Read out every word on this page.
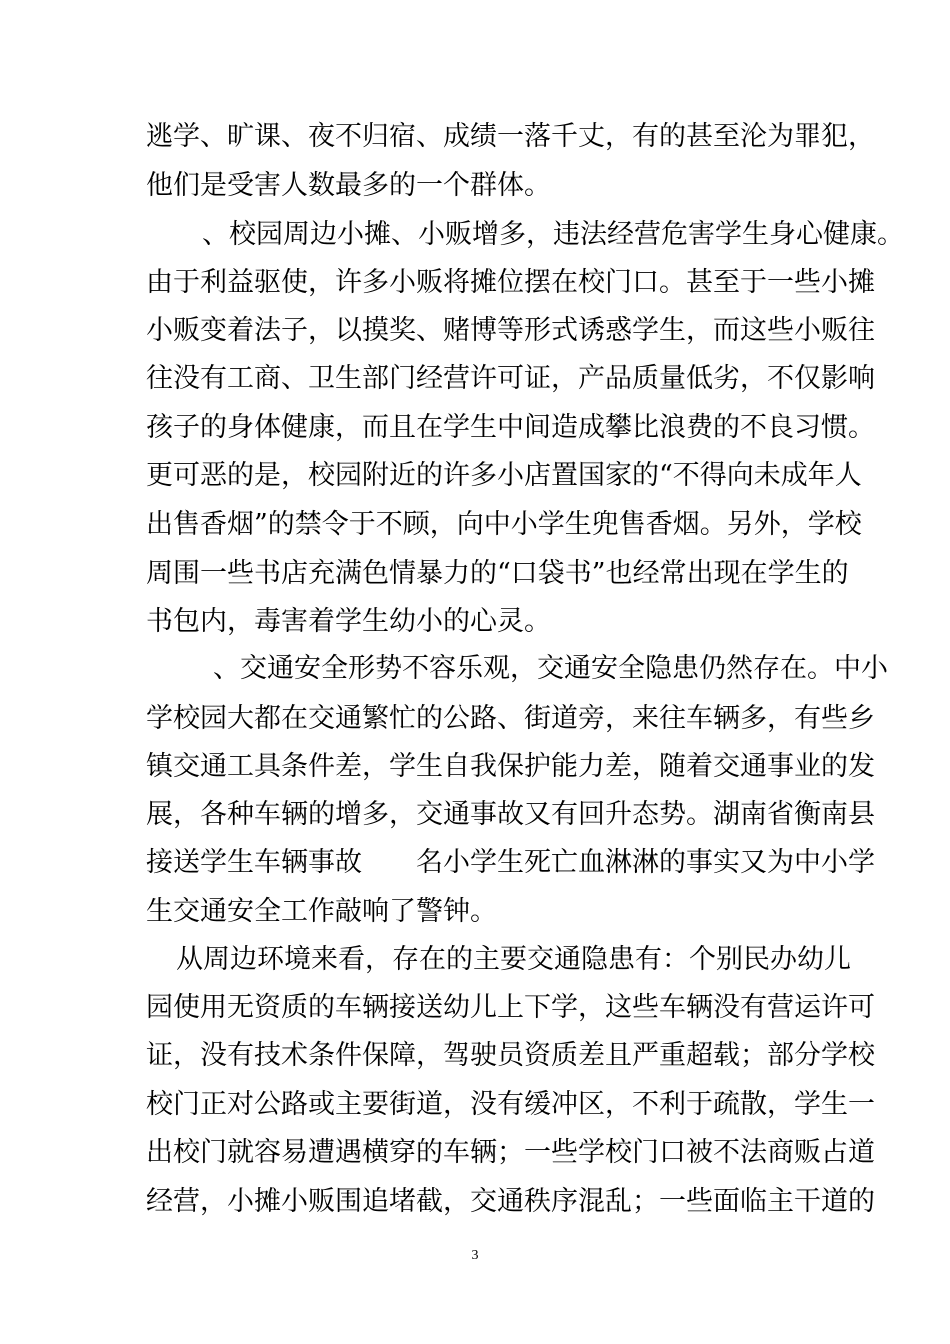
逃学、旷课、夜不归宿、成绩一落千丈，有的甚至沦为罪犯，
他们是受害人数最多的一个群体。
、校园周边小摊、小贩增多，违法经营危害学生身心健康。
由于利益驱使，许多小贩将摊位摆在校门口。甚至于一些小摊
小贩变着法子，以摸奖、赌博等形式诱惑学生，而这些小贩往
往没有工商、卫生部门经营许可证，产品质量低劣，不仅影响
孩子的身体健康，而且在学生中间造成攀比浪费的不良习惯。
更可恶的是，校园附近的许多小店置国家的“不得向未成年人
出售香烟”的禁令于不顾，向中小学生兜售香烟。另外，学校
周围一些书店充满色情暴力的“口袋书”也经常出现在学生的
书包内，毒害着学生幼小的心灵。
、交通安全形势不容乐观，交通安全隐患仍然存在。中小
学校园大都在交通繁忙的公路、街道旁，来往车辆多，有些乡
镇交通工具条件差，学生自我保护能力差，随着交通事业的发
展，各种车辆的增多，交通事故又有回升态势。湖南省衡南县
接送学生车辆事故　　名小学生死亡血淋淋的事实又为中小学
生交通安全工作敲响了警钟。
从周边环境来看，存在的主要交通隐患有：个别民办幼儿
园使用无资质的车辆接送幼儿上下学，这些车辆没有营运许可
证，没有技术条件保障，驾驶员资质差且严重超载；部分学校
校门正对公路或主要街道，没有缓冲区，不利于疏散，学生一
出校门就容易遭遇横穿的车辆；一些学校门口被不法商贩占道
经营，小摊小贩围追堵截，交通秩序混乱；一些面临主干道的
3
